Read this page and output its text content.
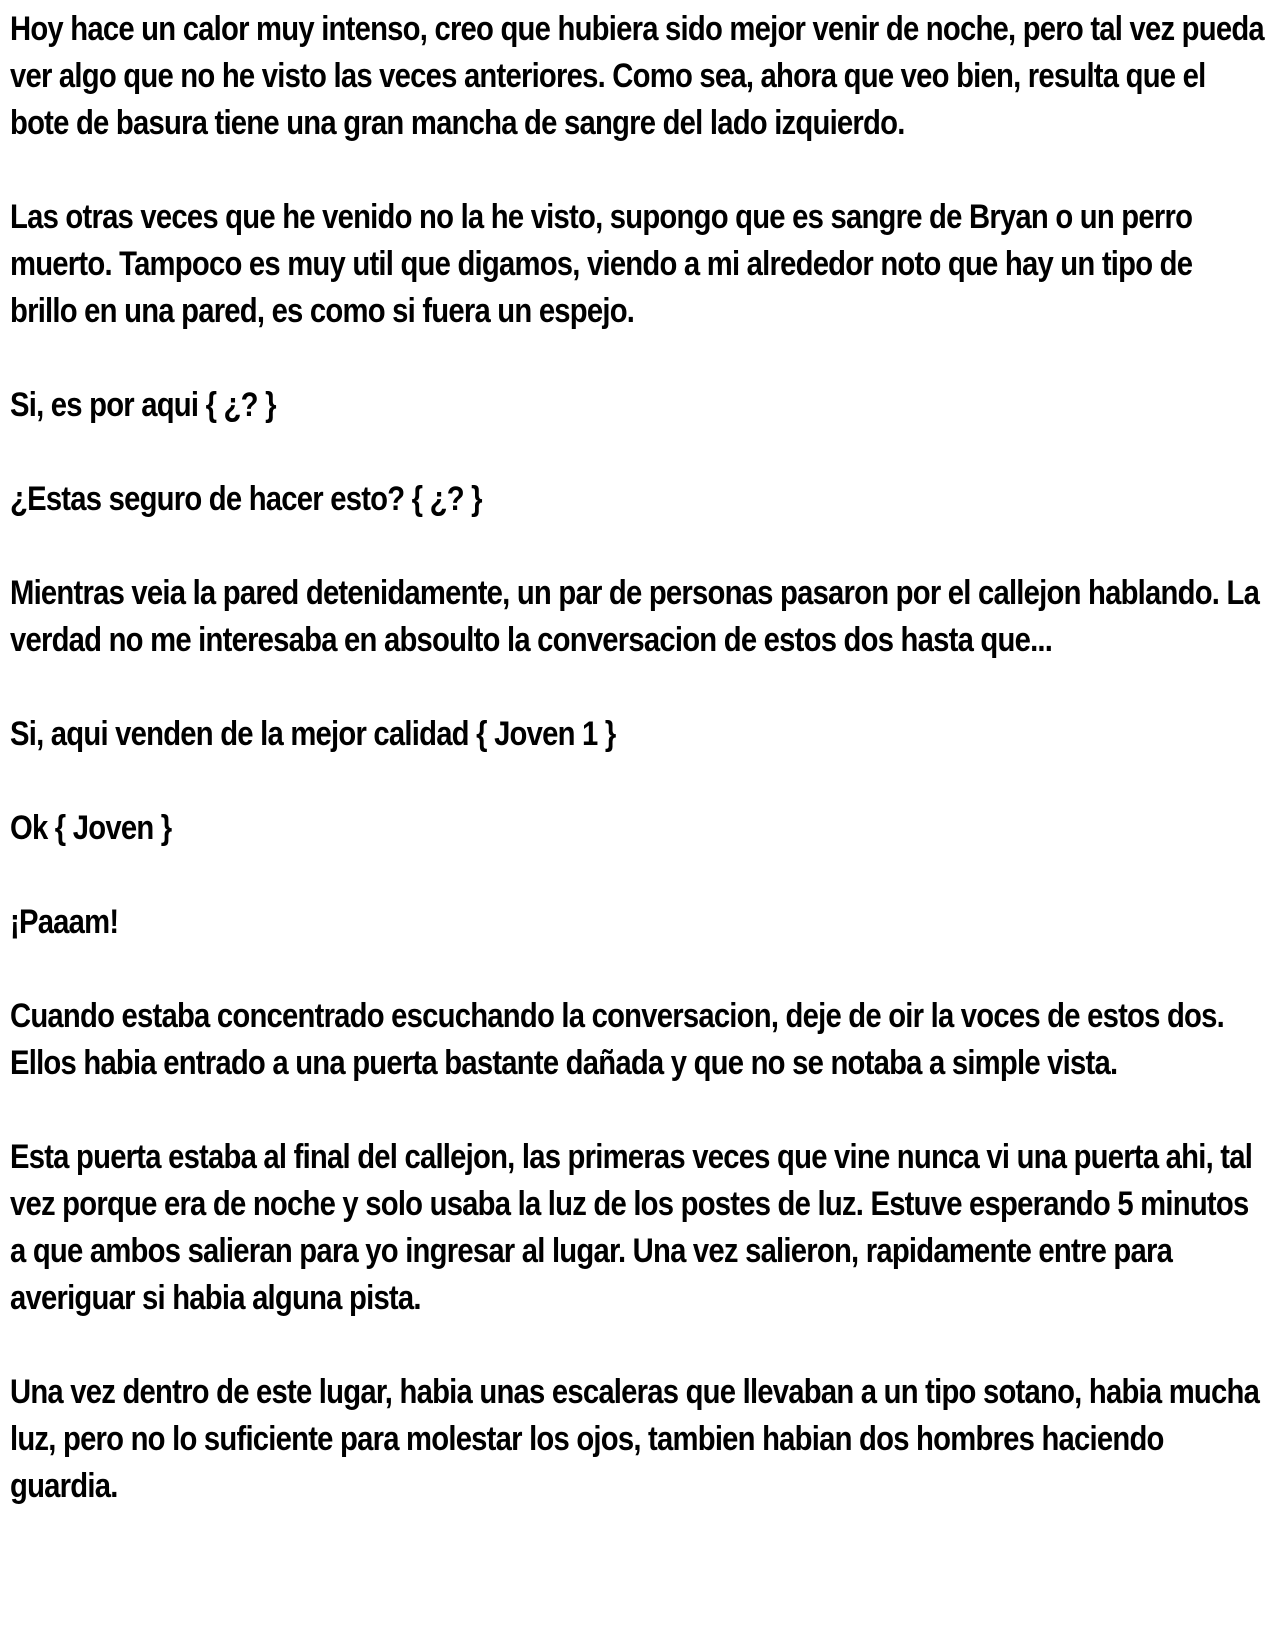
Hoy hace un calor muy intenso, creo que hubiera sido mejor venir de noche, pero tal vez pueda ver algo que no he visto las veces anteriores. Como sea, ahora que veo bien, resulta que el bote de basura tiene una gran mancha de sangre del lado izquierdo.

Las otras veces que he venido no la he visto, supongo que es sangre de Bryan o un perro muerto. Tampoco es muy util que digamos, viendo a mi alrededor noto que hay un tipo de brillo en una pared, es como si fuera un espejo.

Si, es por aqui { ¿? }

¿Estas seguro de hacer esto? { ¿? }

Mientras veia la pared detenidamente, un par de personas pasaron por el callejon hablando. La verdad no me interesaba en absoulto la conversacion de estos dos hasta que...

Si, aqui venden de la mejor calidad { Joven 1 }

Ok { Joven }

¡Paaam!

Cuando estaba concentrado escuchando la conversacion, deje de oir la voces de estos dos. Ellos habia entrado a una puerta bastante dañada y que no se notaba a simple vista.

Esta puerta estaba al final del callejon, las primeras veces que vine nunca vi una puerta ahi, tal vez porque era de noche y solo usaba la luz de los postes de luz. Estuve esperando 5 minutos a que ambos salieran para yo ingresar al lugar. Una vez salieron, rapidamente entre para averiguar si habia alguna pista.

Una vez dentro de este lugar, habia unas escaleras que llevaban a un tipo sotano, habia mucha luz, pero no lo suficiente para molestar los ojos, tambien habian dos hombres haciendo guardia.
